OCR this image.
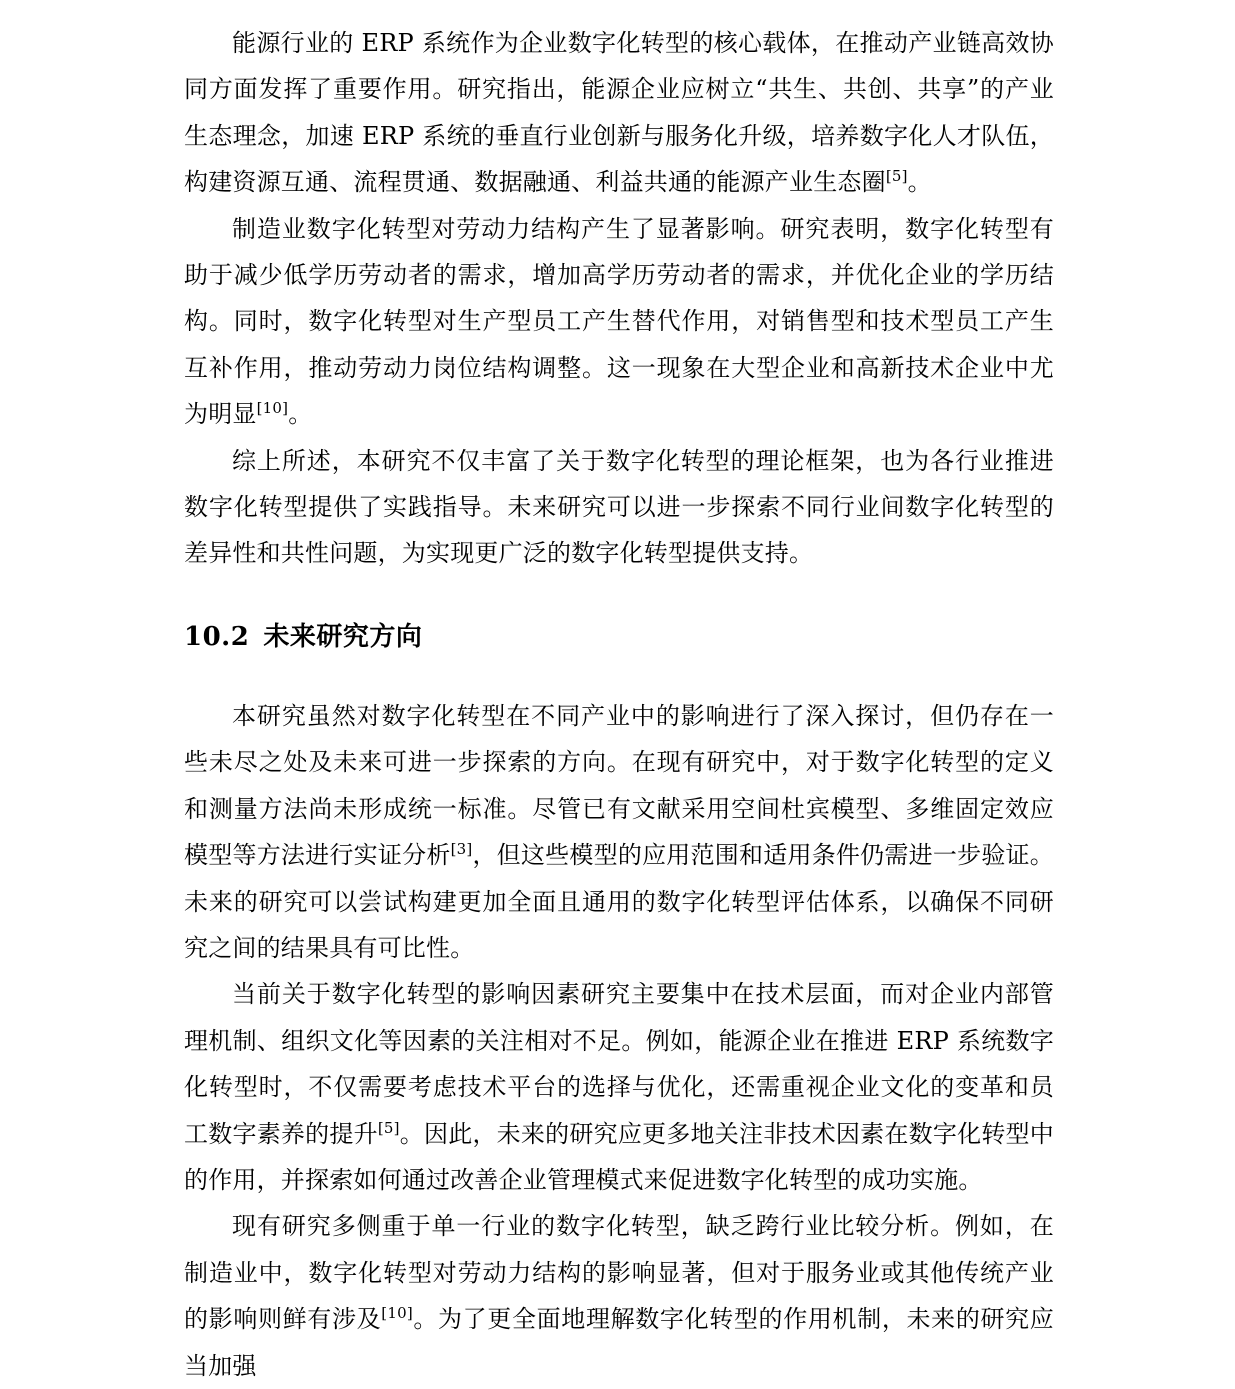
能源行业的 ERP 系统作为企业数字化转型的核心载体，在推动产业链高效协同方面发挥了重要作用。研究指出，能源企业应树立“共生、共创、共享”的产业生态理念，加速 ERP 系统的垂直行业创新与服务化升级，培养数字化人才队伍，构建资源互通、流程贯通、数据融通、利益共通的能源产业生态圈[5]。

制造业数字化转型对劳动力结构产生了显著影响。研究表明，数字化转型有助于减少低学历劳动者的需求，增加高学历劳动者的需求，并优化企业的学历结构。同时，数字化转型对生产型员工产生替代作用，对销售型和技术型员工产生互补作用，推动劳动力岗位结构调整。这一现象在大型企业和高新技术企业中尤为明显[10]。

综上所述，本研究不仅丰富了关于数字化转型的理论框架，也为各行业推进数字化转型提供了实践指导。未来研究可以进一步探索不同行业间数字化转型的差异性和共性问题，为实现更广泛的数字化转型提供支持。

10.2 未来研究方向

本研究虽然对数字化转型在不同产业中的影响进行了深入探讨，但仍存在一些未尽之处及未来可进一步探索的方向。在现有研究中，对于数字化转型的定义和测量方法尚未形成统一标准。尽管已有文献采用空间杜宾模型、多维固定效应模型等方法进行实证分析[3]，但这些模型的应用范围和适用条件仍需进一步验证。未来的研究可以尝试构建更加全面且通用的数字化转型评估体系，以确保不同研究之间的结果具有可比性。

当前关于数字化转型的影响因素研究主要集中在技术层面，而对企业内部管理机制、组织文化等因素的关注相对不足。例如，能源企业在推进 ERP 系统数字化转型时，不仅需要考虑技术平台的选择与优化，还需重视企业文化的变革和员工数字素养的提升[5]。因此，未来的研究应更多地关注非技术因素在数字化转型中的作用，并探索如何通过改善企业管理模式来促进数字化转型的成功实施。

现有研究多侧重于单一行业的数字化转型，缺乏跨行业比较分析。例如，在制造业中，数字化转型对劳动力结构的影响显著，但对于服务业或其他传统产业的影响则鲜有涉及[10]。为了更全面地理解数字化转型的作用机制，未来的研究应当加强
